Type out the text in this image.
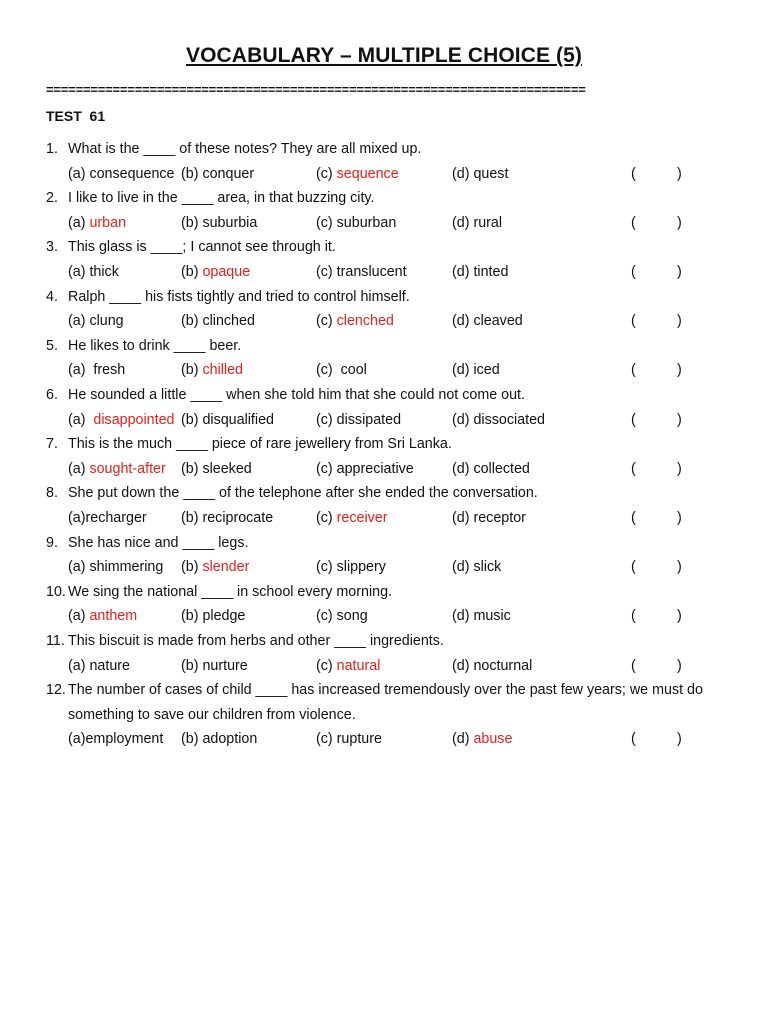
VOCABULARY – MULTIPLE CHOICE (5)
=========================================================================
TEST  61
1. What is the ____ of these notes? They are all mixed up.
(a) consequence (b) conquer	(c) sequence	(d) quest	(	)
2. I like to live in the ____ area, in that buzzing city.
(a) urban	(b) suburbia	(c) suburban	(d) rural	(	)
3. This glass is ____; I cannot see through it.
(a) thick	(b) opaque	(c) translucent	(d) tinted	(	)
4. Ralph ____ his fists tightly and tried to control himself.
(a) clung	(b) clinched	(c) clenched	(d) cleaved	(	)
5. He likes to drink ____ beer.
(a)  fresh	(b) chilled	(c)  cool	(d) iced	(	)
6. He sounded a little ____ when she told him that she could not come out.
(a)  disappointed (b) disqualified	(c) dissipated	(d) dissociated	(	)
7. This is the much ____ piece of rare jewellery from Sri Lanka.
(a) sought-after (b) sleeked	(c) appreciative	(d) collected	(	)
8. She put down the ____ of the telephone after she ended the conversation.
(a)recharger (b) reciprocate	(c) receiver	(d) receptor	(	)
9. She has nice and ____ legs.
(a) shimmering (b) slender	(c) slippery	(d) slick	(	)
10. We sing the national ____ in school every morning.
(a) anthem	(b) pledge	(c) song	(d) music	(	)
11. This biscuit is made from herbs and other ____ ingredients.
(a) nature	(b) nurture	(c) natural	(d) nocturnal	(	)
12. The number of cases of child ____ has increased tremendously over the past few years; we must do
something to save our children from violence.
(a)employment (b) adoption	(c) rupture	(d) abuse	(	)
